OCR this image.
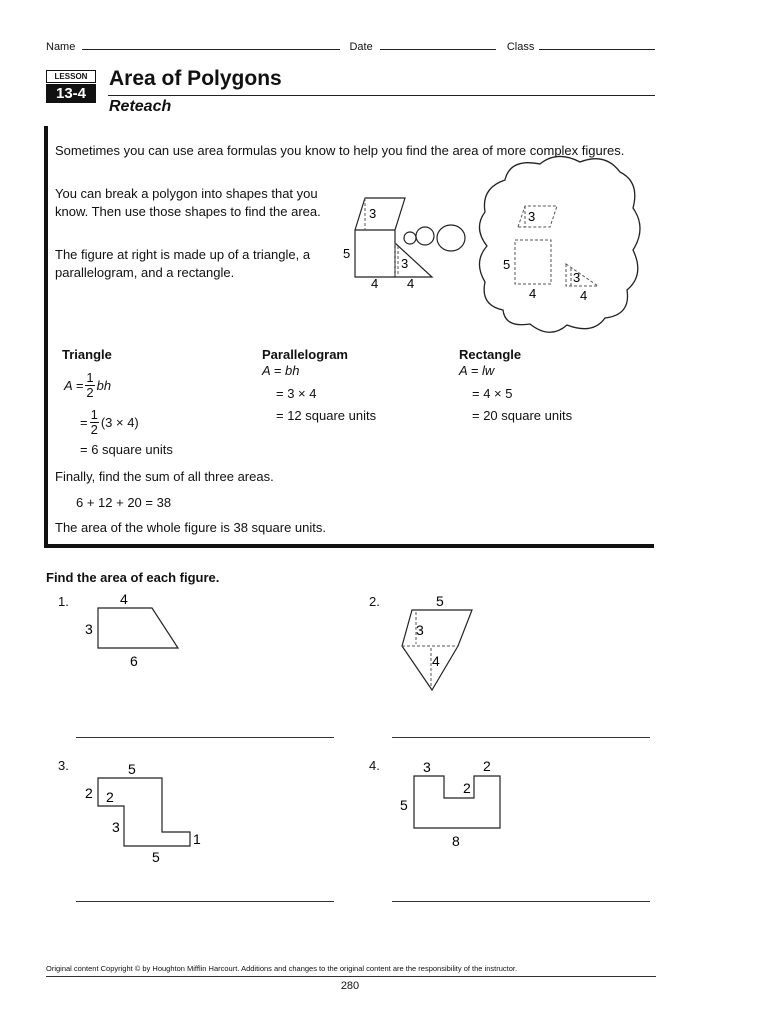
Name	Date	Class
LESSON
13-4
Area of Polygons
Reteach
Sometimes you can use area formulas you know to help you find the area of more complex figures.
You can break a polygon into shapes that you know. Then use those shapes to find the area.
The figure at right is made up of a triangle, a parallelogram, and a rectangle.
3
5
3
4 4
3
5
4
3
4
Triangle
$A = \frac{1}{2}$ bh
= $\frac{1}{2} (3 \times 4)$
= 6 square units
Parallelogram
A = bh
= 3 × 4
= 12 square units
Rectangle
A = lw
= 4 × 5
= 20 square units
Finally, find the sum of all three areas.
6 + 12 + 20 = 38
The area of the whole figure is 38 square units.
Find the area of each figure.
1.	4
3
6
2.	5
3
4
3.	5
2 2
3
1
5
4.	3	2
2
5
8
Original content Copyright © by Houghton Mifflin Harcourt. Additions and changes to the original content are the responsibility of the instructor.
280
